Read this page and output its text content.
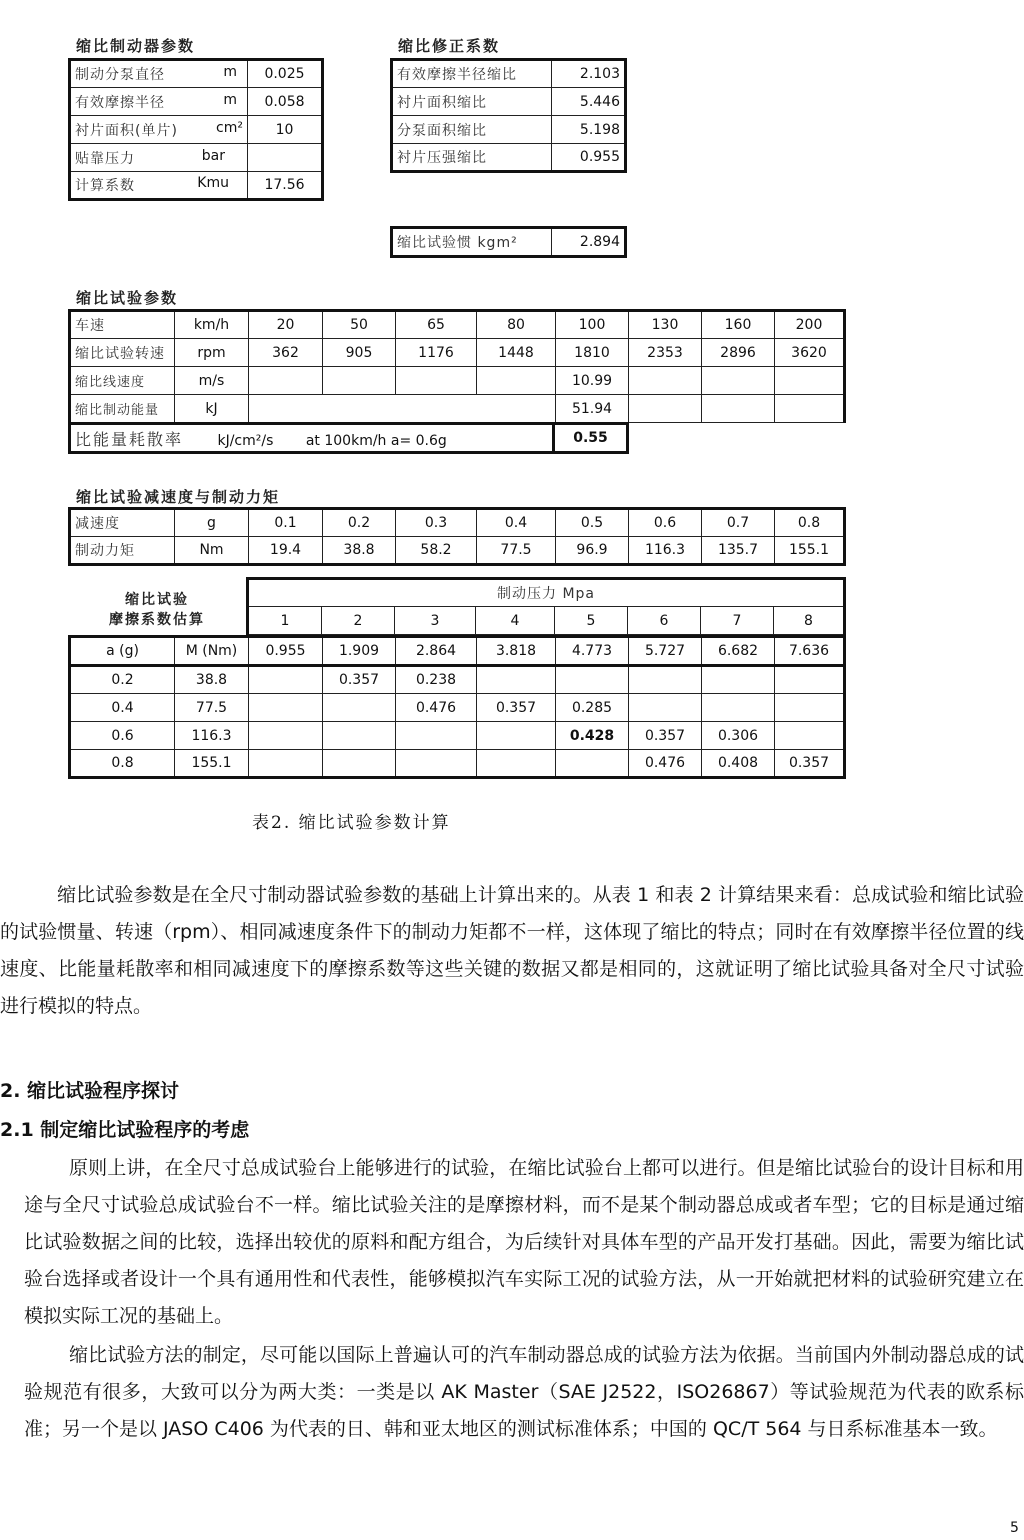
缩比制动器参数
制动分泵直径 m	0.025
有效摩擦半径 m	0.058
衬片面积(单片) cm²	10
贴靠压力 bar	

计算系数 Kmu	17.56
缩比修正系数
有效摩擦半径缩比	2.103
衬片面积缩比	5.446
分泵面积缩比	5.198
衬片压强缩比	0.955
缩比试验惯 kgm²	2.894
缩比试验参数
车速	km/h	20	50	65	80	100	130	160	200
缩比试验转速	rpm	362	905	1176	1448	1810	2353	2896	3620
缩比线速度	m/s					10.99			
缩比制动能量	kJ					51.94			
比能量耗散率 kJ/cm²/s at 100km/h a= 0.6g	0.55
缩比试验减速度与制动力矩
减速度	g	0.1	0.2	0.3	0.4	0.5	0.6	0.7	0.8
制动力矩	Nm	19.4	38.8	58.2	77.5	96.9	116.3	135.7	155.1
缩比试验
摩擦系数估算
制动压力 Mpa
1	2	3	4	5	6	7	8
a (g)	M (Nm)	0.955	1.909	2.864	3.818	4.773	5.727	6.682	7.636
0.2	38.8		0.357	0.238					
0.4	77.5			0.476	0.357	0.285			
0.6	116.3					0.428	0.357	0.306	
0.8	155.1						0.476	0.408	0.357
表2. 缩比试验参数计算
缩比试验参数是在全尺寸制动器试验参数的基础上计算出来的。从表 1 和表 2 计算结果来看：总成试验和缩比试验的试验惯量、转速（rpm）、相同减速度条件下的制动力矩都不一样，这体现了缩比的特点；同时在有效摩擦半径位置的线速度、比能量耗散率和相同减速度下的摩擦系数等这些关键的数据又都是相同的，这就证明了缩比试验具备对全尺寸试验进行模拟的特点。
2. 缩比试验程序探讨
2.1 制定缩比试验程序的考虑
原则上讲，在全尺寸总成试验台上能够进行的试验，在缩比试验台上都可以进行。但是缩比试验台的设计目标和用途与全尺寸试验总成试验台不一样。缩比试验关注的是摩擦材料，而不是某个制动器总成或者车型；它的目标是通过缩比试验数据之间的比较，选择出较优的原料和配方组合，为后续针对具体车型的产品开发打基础。因此，需要为缩比试验台选择或者设计一个具有通用性和代表性，能够模拟汽车实际工况的试验方法，从一开始就把材料的试验研究建立在模拟实际工况的基础上。
缩比试验方法的制定，尽可能以国际上普遍认可的汽车制动器总成的试验方法为依据。当前国内外制动器总成的试验规范有很多，大致可以分为两大类：一类是以 AK Master（SAE J2522，ISO26867）等试验规范为代表的欧系标准；另一个是以 JASO C406 为代表的日、韩和亚太地区的测试标准体系；中国的 QC/T 564 与日系标准基本一致。
5
